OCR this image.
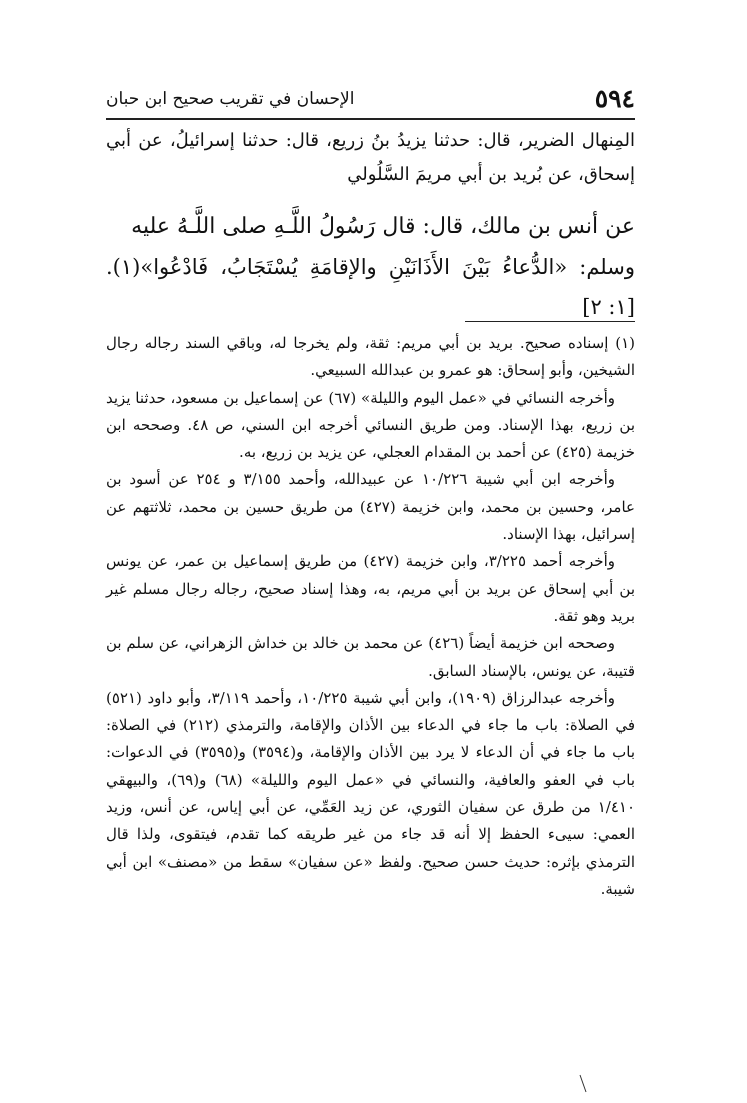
٥٩٤
الإحسان في تقريب صحيح ابن حبان

المِنهال الضرير، قال: حدثنا يزيدُ بنُ زريع، قال: حدثنا إسرائيلُ، عن أبي إسحاق، عن بُريد بن أبي مريمَ السَّلُولي

عن أنس بن مالك، قال: قال رَسُولُ اللَّـهِ صلى اللَّـهُ عليه
وسلم: «الدُّعاءُ بَيْنَ الأَذَانَيْنِ والإقامَةِ يُسْتَجَابُ، فَادْعُوا»(١). [١: ٢]

(١) إسناده صحيح. بريد بن أبي مريم: ثقة، ولم يخرجا له، وباقي السند رجاله رجال الشيخين، وأبو إسحاق: هو عمرو بن عبدالله السبيعي.

وأخرجه النسائي في «عمل اليوم والليلة» (٦٧) عن إسماعيل بن مسعود، حدثنا يزيد بن زريع، بهذا الإسناد. ومن طريق النسائي أخرجه ابن السني، ص ٤٨. وصححه ابن خزيمة (٤٢٥) عن أحمد بن المقدام العجلي، عن يزيد بن زريع، به.

وأخرجه ابن أبي شيبة ١٠/٢٢٦ عن عبيدالله، وأحمد ٣/١٥٥ و ٢٥٤ عن أسود بن عامر، وحسين بن محمد، وابن خزيمة (٤٢٧) من طريق حسين بن محمد، ثلاثتهم عن إسرائيل، بهذا الإسناد.

وأخرجه أحمد ٣/٢٢٥، وابن خزيمة (٤٢٧) من طريق إسماعيل بن عمر، عن يونس بن أبي إسحاق عن بريد بن أبي مريم، به، وهذا إسناد صحيح، رجاله رجال مسلم غير بريد وهو ثقة.

وصححه ابن خزيمة أيضاً (٤٢٦) عن محمد بن خالد بن خداش الزهراني، عن سلم بن قتيبة، عن يونس، بالإسناد السابق.

وأخرجه عبدالرزاق (١٩٠٩)، وابن أبي شيبة ١٠/٢٢٥، وأحمد ٣/١١٩، وأبو داود (٥٢١) في الصلاة: باب ما جاء في الدعاء بين الأذان والإقامة، والترمذي (٢١٢) في الصلاة: باب ما جاء في أن الدعاء لا يرد بين الأذان والإقامة، و(٣٥٩٤) و(٣٥٩٥) في الدعوات: باب في العفو والعافية، والنسائي في «عمل اليوم والليلة» (٦٨) و(٦٩)، والبيهقي ١/٤١٠ من طرق عن سفيان الثوري، عن زيد العَمِّي، عن أبي إياس، عن أنس، وزيد العمي: سيىء الحفظ إلا أنه قد جاء من غير طريقه كما تقدم، فيتقوى، ولذا قال الترمذي بإثره: حديث حسن صحيح. ولفظ «عن سفيان» سقط من «مصنف» ابن أبي شيبة.
